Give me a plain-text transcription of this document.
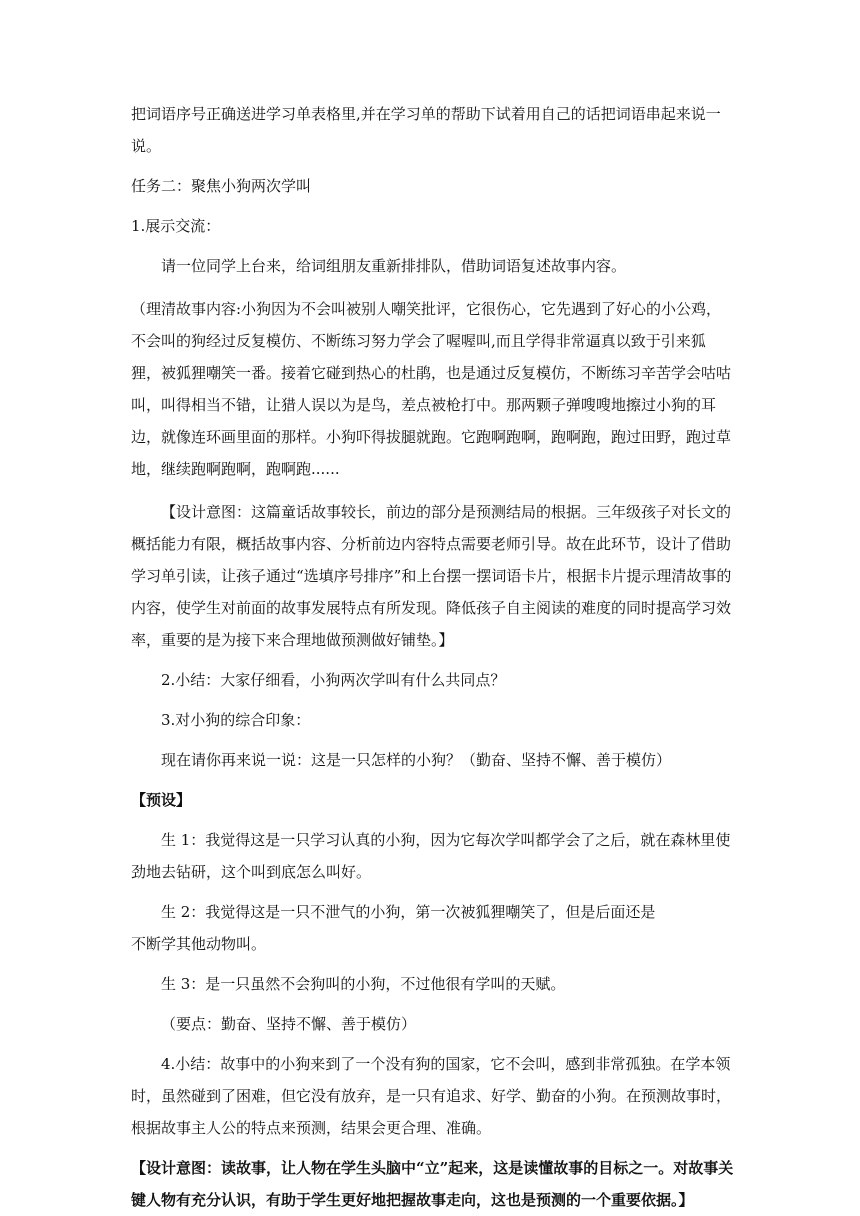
把词语序号正确送进学习单表格里,并在学习单的帮助下试着用自己的话把词语串起来说一说。

任务二：聚焦小狗两次学叫

1.展示交流：

请一位同学上台来，给词组朋友重新排排队，借助词语复述故事内容。

（理清故事内容:小狗因为不会叫被别人嘲笑批评，它很伤心，它先遇到了好心的小公鸡，不会叫的狗经过反复模仿、不断练习努力学会了喔喔叫,而且学得非常逼真以致于引来狐狸，被狐狸嘲笑一番。接着它碰到热心的杜鹃，也是通过反复模仿，不断练习辛苦学会咕咕叫，叫得相当不错，让猎人误以为是鸟，差点被枪打中。那两颗子弹嗖嗖地擦过小狗的耳边，就像连环画里面的那样。小狗吓得拔腿就跑。它跑啊跑啊，跑啊跑，跑过田野，跑过草地，继续跑啊跑啊，跑啊跑......

【设计意图：这篇童话故事较长，前边的部分是预测结局的根据。三年级孩子对长文的概括能力有限，概括故事内容、分析前边内容特点需要老师引导。故在此环节，设计了借助学习单引读，让孩子通过“选填序号排序”和上台摆一摆词语卡片，根据卡片提示理清故事的内容，使学生对前面的故事发展特点有所发现。降低孩子自主阅读的难度的同时提高学习效率，重要的是为接下来合理地做预测做好铺垫。】

2.小结：大家仔细看，小狗两次学叫有什么共同点？

3.对小狗的综合印象：

现在请你再来说一说：这是一只怎样的小狗？（勤奋、坚持不懈、善于模仿）

【预设】

生 1：我觉得这是一只学习认真的小狗，因为它每次学叫都学会了之后，就在森林里使劲地去钻研，这个叫到底怎么叫好。

生 2：我觉得这是一只不泄气的小狗，第一次被狐狸嘲笑了，但是后面还是

不断学其他动物叫。

生 3：是一只虽然不会狗叫的小狗，不过他很有学叫的天赋。

（要点：勤奋、坚持不懈、善于模仿）

4.小结：故事中的小狗来到了一个没有狗的国家，它不会叫，感到非常孤独。在学本领时，虽然碰到了困难，但它没有放弃，是一只有追求、好学、勤奋的小狗。在预测故事时，根据故事主人公的特点来预测，结果会更合理、准确。

【设计意图：读故事，让人物在学生头脑中“立”起来，这是读懂故事的目标之一。对故事关键人物有充分认识，有助于学生更好地把握故事走向，这也是预测的一个重要依据。】
